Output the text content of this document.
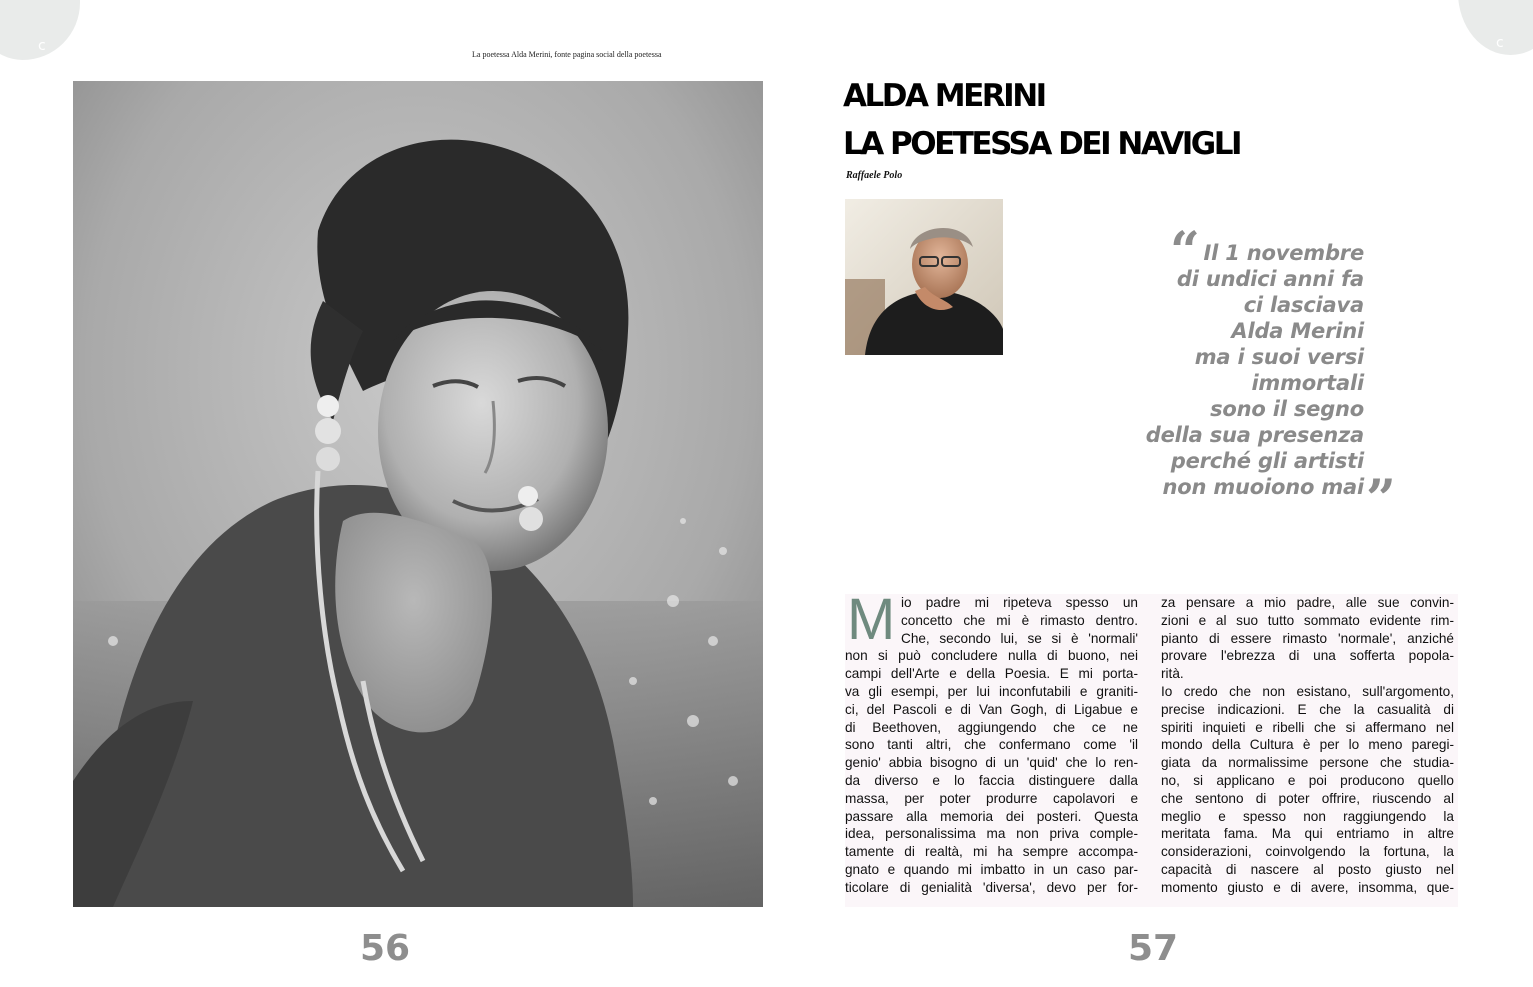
c	c
La poetessa Alda Merini, fonte pagina social della poetessa
56
ALDA MERINI
LA POETESSA DEI NAVIGLI
Raffaele Polo
“ Il 1 novembre
di undici anni fa
ci lasciava
Alda Merini
ma i suoi versi
immortali
sono il segno
della sua presenza
perché gli artisti
non muoiono mai ”
M io padre mi ripeteva spesso un
concetto che mi è rimasto dentro.
Che, secondo lui, se si è 'normali'
non si può concludere nulla di buono, nei
campi dell'Arte e della Poesia. E mi porta-
va gli esempi, per lui inconfutabili e graniti-
ci, del Pascoli e di Van Gogh, di Ligabue e
di Beethoven, aggiungendo che ce ne
sono tanti altri, che confermano come 'il
genio' abbia bisogno di un 'quid' che lo ren-
da diverso e lo faccia distinguere dalla
massa, per poter produrre capolavori e
passare alla memoria dei posteri. Questa
idea, personalissima ma non priva comple-
tamente di realtà, mi ha sempre accompa-
gnato e quando mi imbatto in un caso par-
ticolare di genialità 'diversa', devo per for-
za pensare a mio padre, alle sue convin-
zioni e al suo tutto sommato evidente rim-
pianto di essere rimasto 'normale', anziché
provare l'ebrezza di una sofferta popola-
rità.
Io credo che non esistano, sull'argomento,
precise indicazioni. E che la casualità di
spiriti inquieti e ribelli che si affermano nel
mondo della Cultura è per lo meno paregi-
giata da normalissime persone che studia-
no, si applicano e poi producono quello
che sentono di poter offrire, riuscendo al
meglio e spesso non raggiungendo la
meritata fama. Ma qui entriamo in altre
considerazioni, coinvolgendo la fortuna, la
capacità di nascere al posto giusto nel
momento giusto e di avere, insomma, que-
57
